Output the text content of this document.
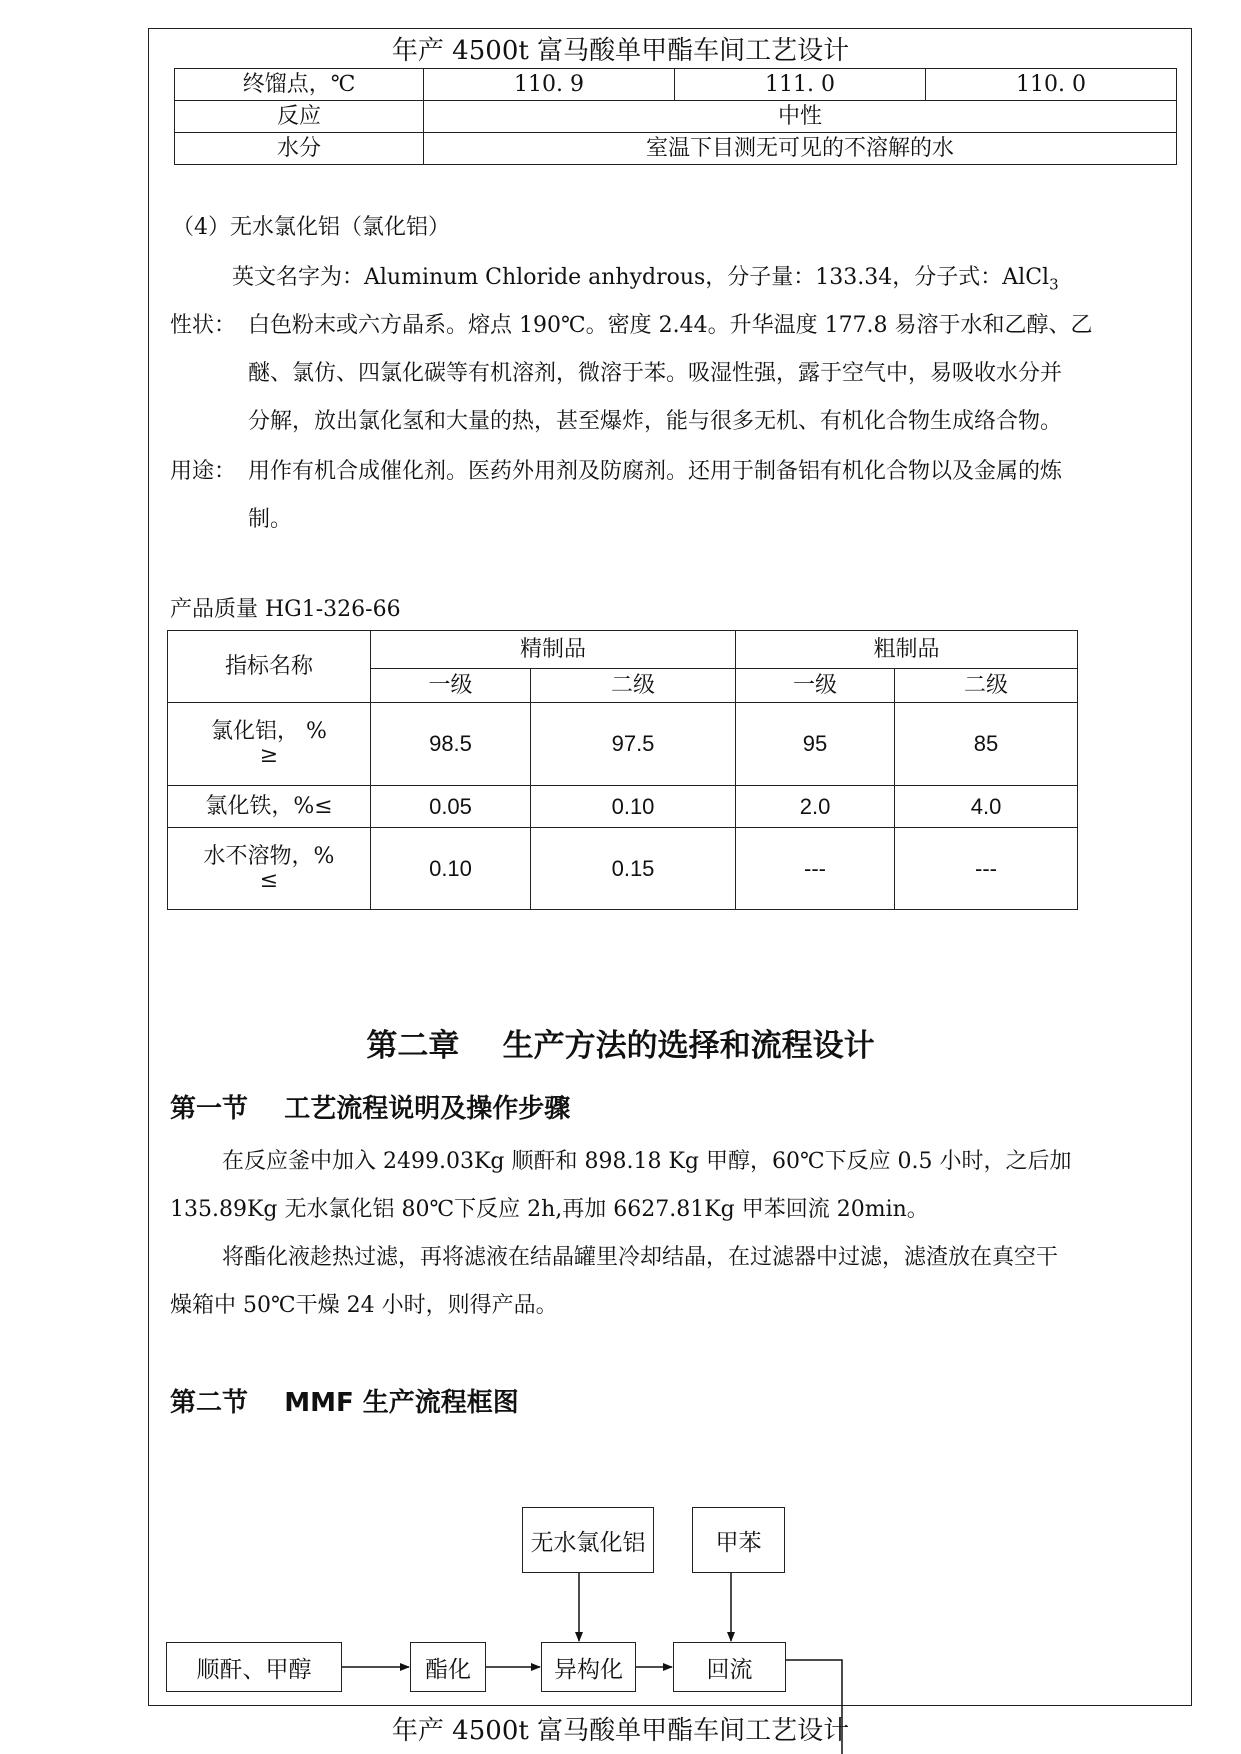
年产 4500t 富马酸单甲酯车间工艺设计
终馏点，℃	110. 9	111. 0	110. 0
反应	中性		
水分	室温下目测无可见的不溶解的水		
（4）无水氯化铝（氯化铝）
英文名字为：Aluminum Chloride anhydrous，分子量：133.34，分子式：AlCl$_3$
性状： 白色粉末或六方晶系。熔点 190℃。密度 2.44。升华温度 177.8 易溶于水和乙醇、乙
醚、氯仿、四氯化碳等有机溶剂，微溶于苯。吸湿性强，露于空气中，易吸收水分并
分解，放出氯化氢和大量的热，甚至爆炸，能与很多无机、有机化合物生成络合物。
用途： 用作有机合成催化剂。医药外用剂及防腐剂。还用于制备铝有机化合物以及金属的炼
制。
产品质量 HG1-326-66
指标名称	精制品		粗制品	
	一级	二级	一级	二级

氯化铝， %
≥	98.5	97.5	95	85
氯化铁，%≤	0.05	0.10	2.0	4.0

水不溶物，%
≤	0.10	0.15	---	---
第二章    生产方法的选择和流程设计
第一节    工艺流程说明及操作步骤
在反应釜中加入 2499.03Kg 顺酐和 898.18 Kg 甲醇，60℃下反应 0.5 小时，之后加
135.89Kg 无水氯化铝 80℃下反应 2h,再加 6627.81Kg 甲苯回流 20min。
将酯化液趁热过滤，再将滤液在结晶罐里冷却结晶，在过滤器中过滤，滤渣放在真空干
燥箱中 50℃干燥 24 小时，则得产品。
第二节    MMF 生产流程框图
无水氯化铝	甲苯
顺酐、甲醇	酯化	异构化	回流
年产 4500t 富马酸单甲酯车间工艺设计
